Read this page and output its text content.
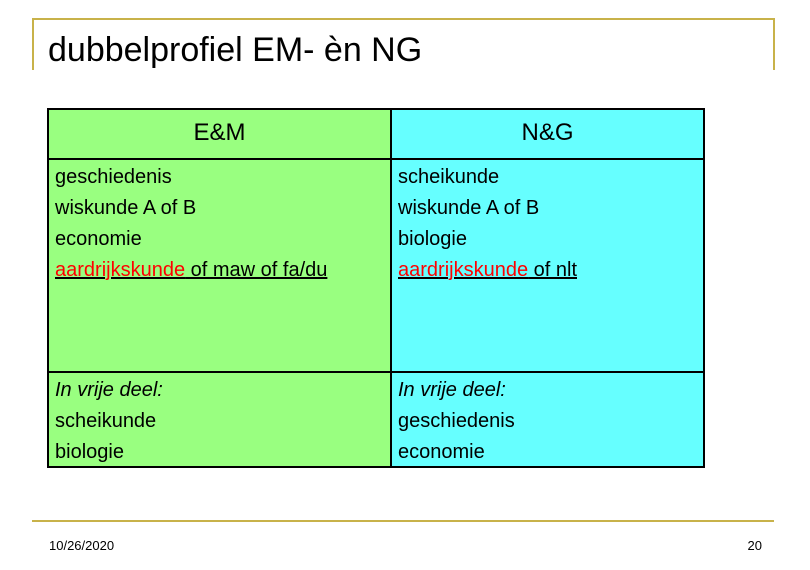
dubbelprofiel EM- èn NG
E&M
geschiedenis
wiskunde A of B
economie
aardrijkskunde of maw of fa/du
In vrije deel:
scheikunde
biologie
N&G
scheikunde
wiskunde A of B
biologie
aardrijkskunde of nlt
In vrije deel:
geschiedenis
economie
10/26/2020	20
